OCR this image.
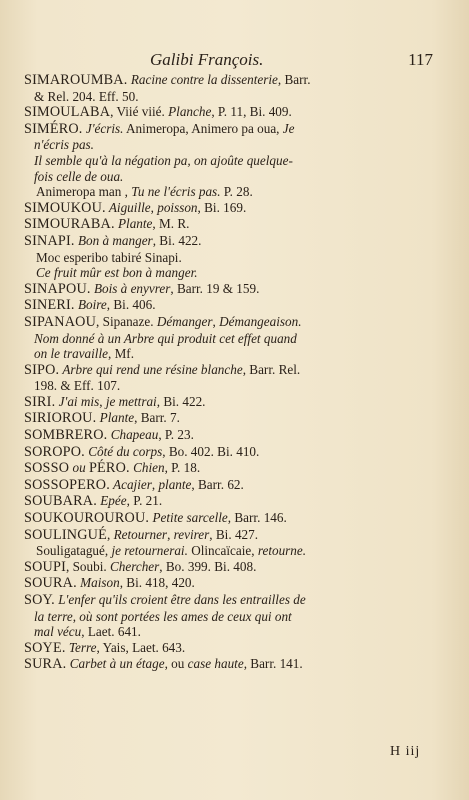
Galibi François.	117
SIMAROUMBA. Racine contre la dissenterie, Barr.
& Rel. 204. Eff. 50.
SIMOULABA, Viié viié. Planche, P. 11, Bi. 409.
SIMÉRO. J'écris. Animeropa, Animero pa oua, Je
n'écris pas.
Il semble qu'à la négation pa, on ajoûte quelque-
fois celle de oua.
Animeropa man , Tu ne l'écris pas. P. 28.
SIMOUKOU. Aiguille, poisson, Bi. 169.
SIMOURABA. Plante, M. R.
SINAPI. Bon à manger, Bi. 422.
Moc esperibo tabiré Sinapi.
Ce fruit mûr est bon à manger.
SINAPOU. Bois à enyvrer, Barr. 19 & 159.
SINERI. Boire, Bi. 406.
SIPANAOU, Sipanaze. Démanger, Démangeaison.
Nom donné à un Arbre qui produit cet effet quand
on le travaille, Mf.
SIPO. Arbre qui rend une résine blanche, Barr. Rel.
198. & Eff. 107.
SIRI. J'ai mis, je mettrai, Bi. 422.
SIRIOROU. Plante, Barr. 7.
SOMBRERO. Chapeau, P. 23.
SOROPO. Côté du corps, Bo. 402. Bi. 410.
SOSSO ou PÉRO. Chien, P. 18.
SOSSOPERO. Acajier, plante, Barr. 62.
SOUBARA. Epée, P. 21.
SOUKOUROUROU. Petite sarcelle, Barr. 146.
SOULINGUÉ, Retourner, revirer, Bi. 427.
Souligatagué, je retournerai. Olincaïcaie, retourne.
SOUPI, Soubi. Chercher, Bo. 399. Bi. 408.
SOURA. Maison, Bi. 418, 420.
SOY. L'enfer qu'ils croient être dans les entrailles de
la terre, où sont portées les ames de ceux qui ont
mal vécu, Laet. 641.
SOYE. Terre, Yais, Laet. 643.
SURA. Carbet à un étage, ou case haute, Barr. 141.
H iij
